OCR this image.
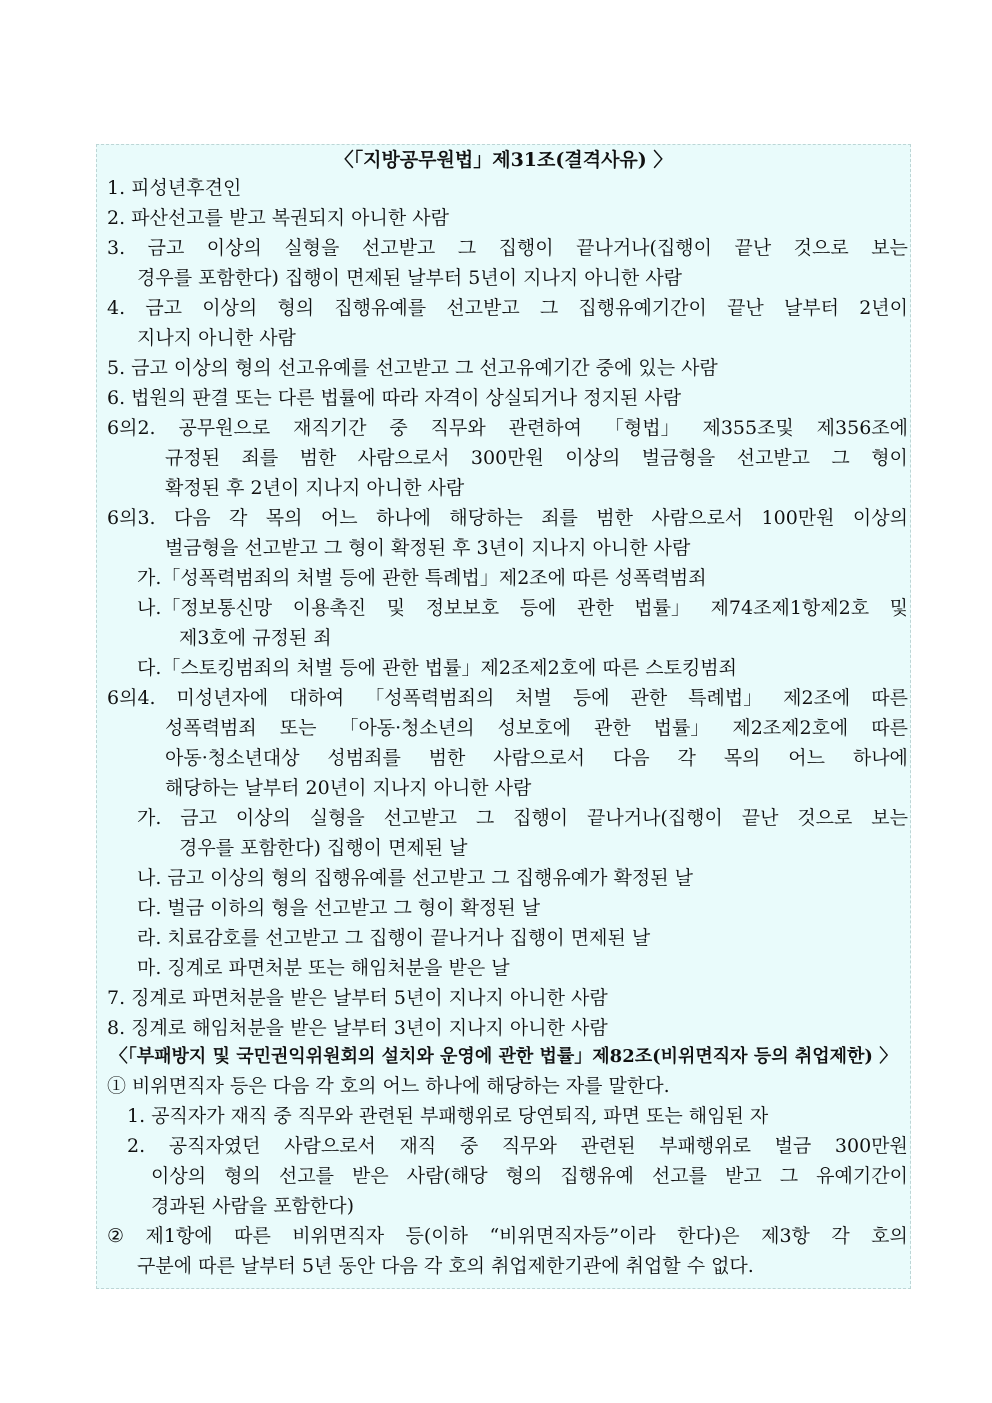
〈「지방공무원법」제31조(결격사유) 〉
1. 피성년후견인
2. 파산선고를 받고 복권되지 아니한 사람
3. 금고 이상의 실형을 선고받고 그 집행이 끝나거나(집행이 끝난 것으로 보는
경우를 포함한다) 집행이 면제된 날부터 5년이 지나지 아니한 사람
4. 금고 이상의 형의 집행유예를 선고받고 그 집행유예기간이 끝난 날부터 2년이
지나지 아니한 사람
5. 금고 이상의 형의 선고유예를 선고받고 그 선고유예기간 중에 있는 사람
6. 법원의 판결 또는 다른 법률에 따라 자격이 상실되거나 정지된 사람
6의2. 공무원으로 재직기간 중 직무와 관련하여 「형법」 제355조및 제356조에
규정된 죄를 범한 사람으로서 300만원 이상의 벌금형을 선고받고 그 형이
확정된 후 2년이 지나지 아니한 사람
6의3. 다음 각 목의 어느 하나에 해당하는 죄를 범한 사람으로서 100만원 이상의
벌금형을 선고받고 그 형이 확정된 후 3년이 지나지 아니한 사람
가.「성폭력범죄의 처벌 등에 관한 특례법」제2조에 따른 성폭력범죄
나.「정보통신망 이용촉진 및 정보보호 등에 관한 법률」 제74조제1항제2호 및
제3호에 규정된 죄
다.「스토킹범죄의 처벌 등에 관한 법률」제2조제2호에 따른 스토킹범죄
6의4. 미성년자에 대하여 「성폭력범죄의 처벌 등에 관한 특례법」 제2조에 따른
성폭력범죄 또는 「아동·청소년의 성보호에 관한 법률」 제2조제2호에 따른
아동·청소년대상 성범죄를 범한 사람으로서 다음 각 목의 어느 하나에
해당하는 날부터 20년이 지나지 아니한 사람
가. 금고 이상의 실형을 선고받고 그 집행이 끝나거나(집행이 끝난 것으로 보는
경우를 포함한다) 집행이 면제된 날
나. 금고 이상의 형의 집행유예를 선고받고 그 집행유예가 확정된 날
다. 벌금 이하의 형을 선고받고 그 형이 확정된 날
라. 치료감호를 선고받고 그 집행이 끝나거나 집행이 면제된 날
마. 징계로 파면처분 또는 해임처분을 받은 날
7. 징계로 파면처분을 받은 날부터 5년이 지나지 아니한 사람
8. 징계로 해임처분을 받은 날부터 3년이 지나지 아니한 사람
〈「부패방지 및 국민권익위원회의 설치와 운영에 관한 법률」제82조(비위면직자 등의 취업제한) 〉
① 비위면직자 등은 다음 각 호의 어느 하나에 해당하는 자를 말한다.
1. 공직자가 재직 중 직무와 관련된 부패행위로 당연퇴직, 파면 또는 해임된 자
2. 공직자였던 사람으로서 재직 중 직무와 관련된 부패행위로 벌금 300만원
이상의 형의 선고를 받은 사람(해당 형의 집행유예 선고를 받고 그 유예기간이
경과된 사람을 포함한다)
② 제1항에 따른 비위면직자 등(이하 “비위면직자등”이라 한다)은 제3항 각 호의
구분에 따른 날부터 5년 동안 다음 각 호의 취업제한기관에 취업할 수 없다.
